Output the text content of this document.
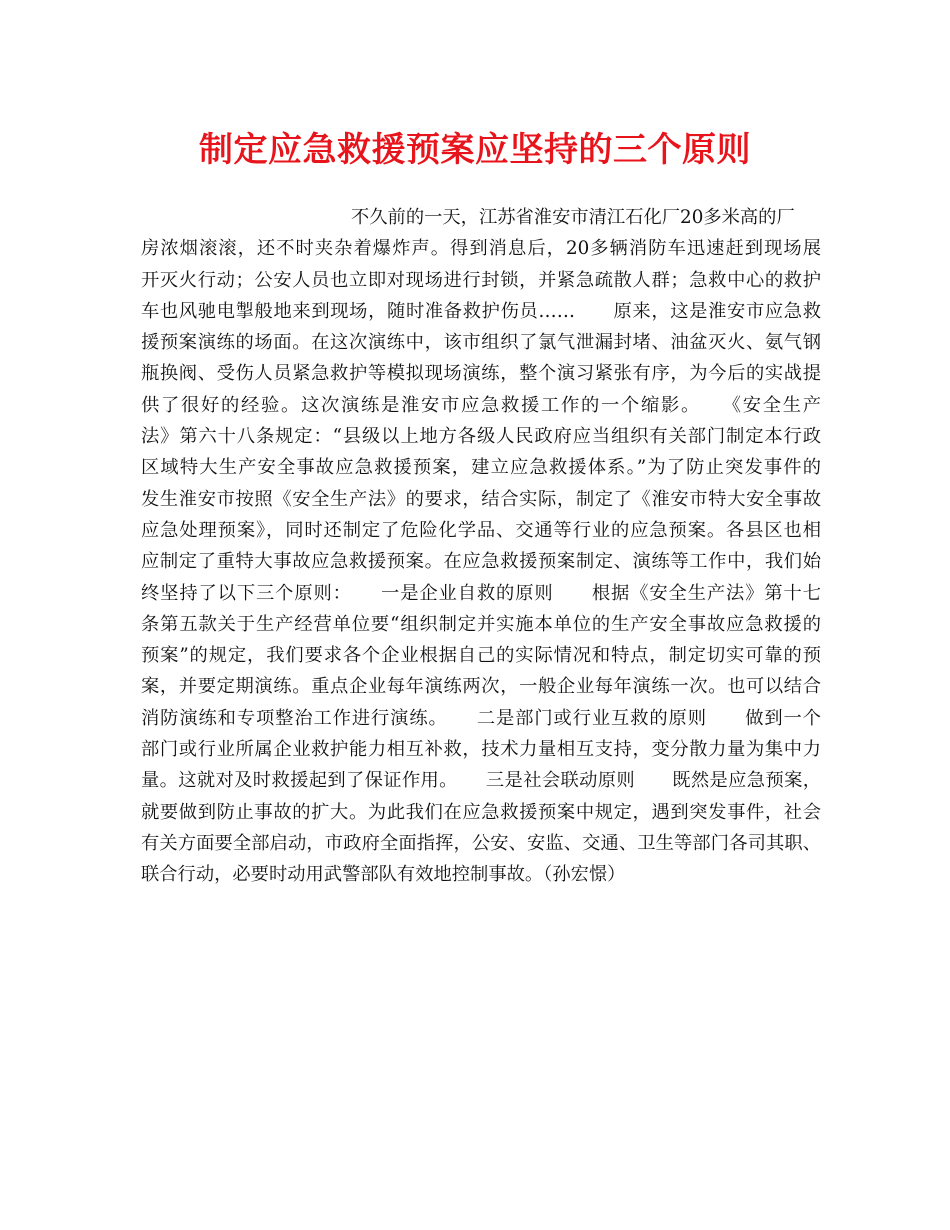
制定应急救援预案应坚持的三个原则
不久前的一天，江苏省淮安市清江石化厂20多米高的厂
房浓烟滚滚，还不时夹杂着爆炸声。得到消息后，20多辆消防车迅速赶到现场展
开灭火行动；公安人员也立即对现场进行封锁，并紧急疏散人群；急救中心的救护
车也风驰电掣般地来到现场，随时准备救护伤员……　　原来，这是淮安市应急救
援预案演练的场面。在这次演练中，该市组织了氯气泄漏封堵、油盆灭火、氨气钢
瓶换阀、受伤人员紧急救护等模拟现场演练，整个演习紧张有序，为今后的实战提
供了很好的经验。这次演练是淮安市应急救援工作的一个缩影。　　《安全生产
法》第六十八条规定：“县级以上地方各级人民政府应当组织有关部门制定本行政
区域特大生产安全事故应急救援预案，建立应急救援体系。”为了防止突发事件的
发生淮安市按照《安全生产法》的要求，结合实际，制定了《淮安市特大安全事故
应急处理预案》，同时还制定了危险化学品、交通等行业的应急预案。各县区也相
应制定了重特大事故应急救援预案。在应急救援预案制定、演练等工作中，我们始
终坚持了以下三个原则：　　一是企业自救的原则　　根据《安全生产法》第十七
条第五款关于生产经营单位要“组织制定并实施本单位的生产安全事故应急救援的
预案”的规定，我们要求各个企业根据自己的实际情况和特点，制定切实可靠的预
案，并要定期演练。重点企业每年演练两次，一般企业每年演练一次。也可以结合
消防演练和专项整治工作进行演练。　　二是部门或行业互救的原则　　做到一个
部门或行业所属企业救护能力相互补救，技术力量相互支持，变分散力量为集中力
量。这就对及时救援起到了保证作用。　　三是社会联动原则　　既然是应急预案，
就要做到防止事故的扩大。为此我们在应急救援预案中规定，遇到突发事件，社会
有关方面要全部启动，市政府全面指挥，公安、安监、交通、卫生等部门各司其职、
联合行动，必要时动用武警部队有效地控制事故。（孙宏憬）
